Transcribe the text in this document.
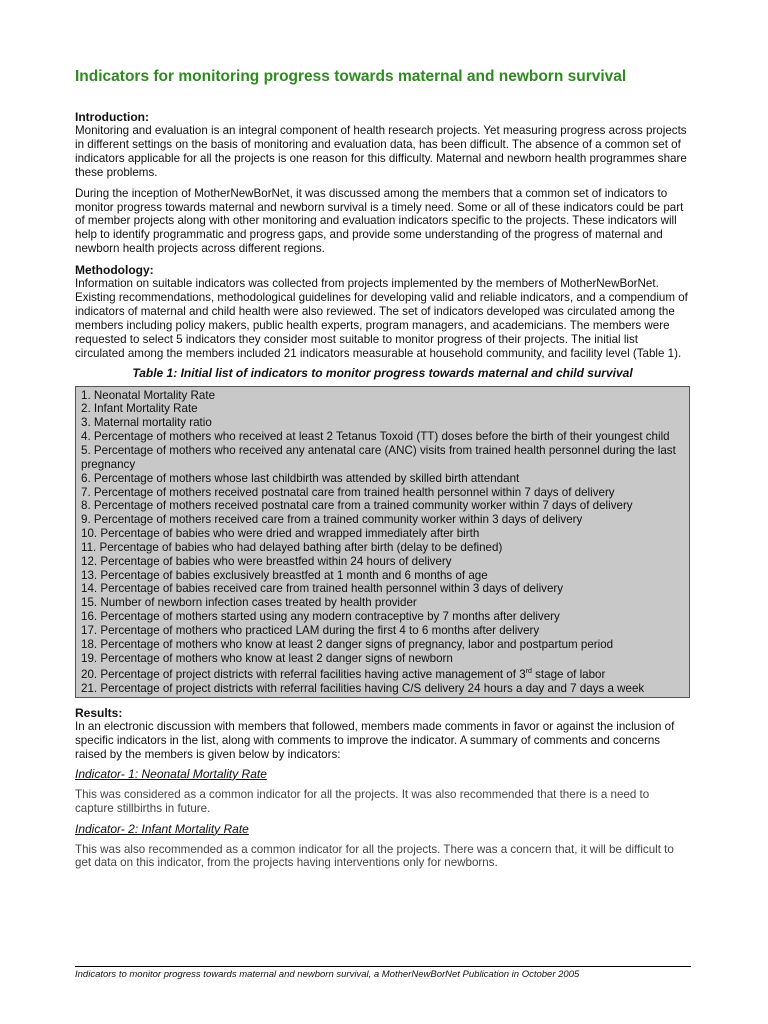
Indicators for monitoring progress towards maternal and newborn survival

Introduction:

Monitoring and evaluation is an integral component of health research projects. Yet measuring progress across projects in different settings on the basis of monitoring and evaluation data, has been difficult. The absence of a common set of indicators applicable for all the projects is one reason for this difficulty. Maternal and newborn health programmes share these problems.

During the inception of MotherNewBorNet, it was discussed among the members that a common set of indicators to monitor progress towards maternal and newborn survival is a timely need. Some or all of these indicators could be part of member projects along with other monitoring and evaluation indicators specific to the projects. These indicators will help to identify programmatic and progress gaps, and provide some understanding of the progress of maternal and newborn health projects across different regions.

Methodology:

Information on suitable indicators was collected from projects implemented by the members of MotherNewBorNet. Existing recommendations, methodological guidelines for developing valid and reliable indicators, and a compendium of indicators of maternal and child health were also reviewed. The set of indicators developed was circulated among the members including policy makers, public health experts, program managers, and academicians. The members were requested to select 5 indicators they consider most suitable to monitor progress of their projects. The initial list circulated among the members included 21 indicators measurable at household community, and facility level (Table 1).

Table 1: Initial list of indicators to monitor progress towards maternal and child survival

1. Neonatal Mortality Rate
2. Infant Mortality Rate
3. Maternal mortality ratio
4. Percentage of mothers who received at least 2 Tetanus Toxoid (TT) doses before the birth of their youngest child
5. Percentage of mothers who received any antenatal care (ANC) visits from trained health personnel during the last pregnancy
6. Percentage of mothers whose last childbirth was attended by skilled birth attendant
7. Percentage of mothers received postnatal care from trained health personnel within 7 days of delivery
8. Percentage of mothers received postnatal care from a trained community worker within 7 days of delivery
9. Percentage of mothers received care from a trained community worker within 3 days of delivery
10. Percentage of babies who were dried and wrapped immediately after birth
11. Percentage of babies who had delayed bathing after birth (delay to be defined)
12. Percentage of babies who were breastfed within 24 hours of delivery
13. Percentage of babies exclusively breastfed at 1 month and 6 months of age
14. Percentage of babies received care from trained health personnel within 3 days of delivery
15. Number of newborn infection cases treated by health provider
16. Percentage of mothers started using any modern contraceptive by 7 months after delivery
17. Percentage of mothers who practiced LAM during the first 4 to 6 months after delivery
18. Percentage of mothers who know at least 2 danger signs of pregnancy, labor and postpartum period
19. Percentage of mothers who know at least 2 danger signs of newborn
20. Percentage of project districts with referral facilities having active management of 3rd stage of labor
21. Percentage of project districts with referral facilities having C/S delivery 24 hours a day and 7 days a week

Results:

In an electronic discussion with members that followed, members made comments in favor or against the inclusion of specific indicators in the list, along with comments to improve the indicator. A summary of comments and concerns raised by the members is given below by indicators:

Indicator- 1: Neonatal Mortality Rate

This was considered as a common indicator for all the projects. It was also recommended that there is a need to capture stillbirths in future.

Indicator- 2: Infant Mortality Rate

This was also recommended as a common indicator for all the projects. There was a concern that, it will be difficult to get data on this indicator, from the projects having interventions only for newborns.

Indicators to monitor progress towards maternal and newborn survival, a MotherNewBorNet Publication in October 2005
